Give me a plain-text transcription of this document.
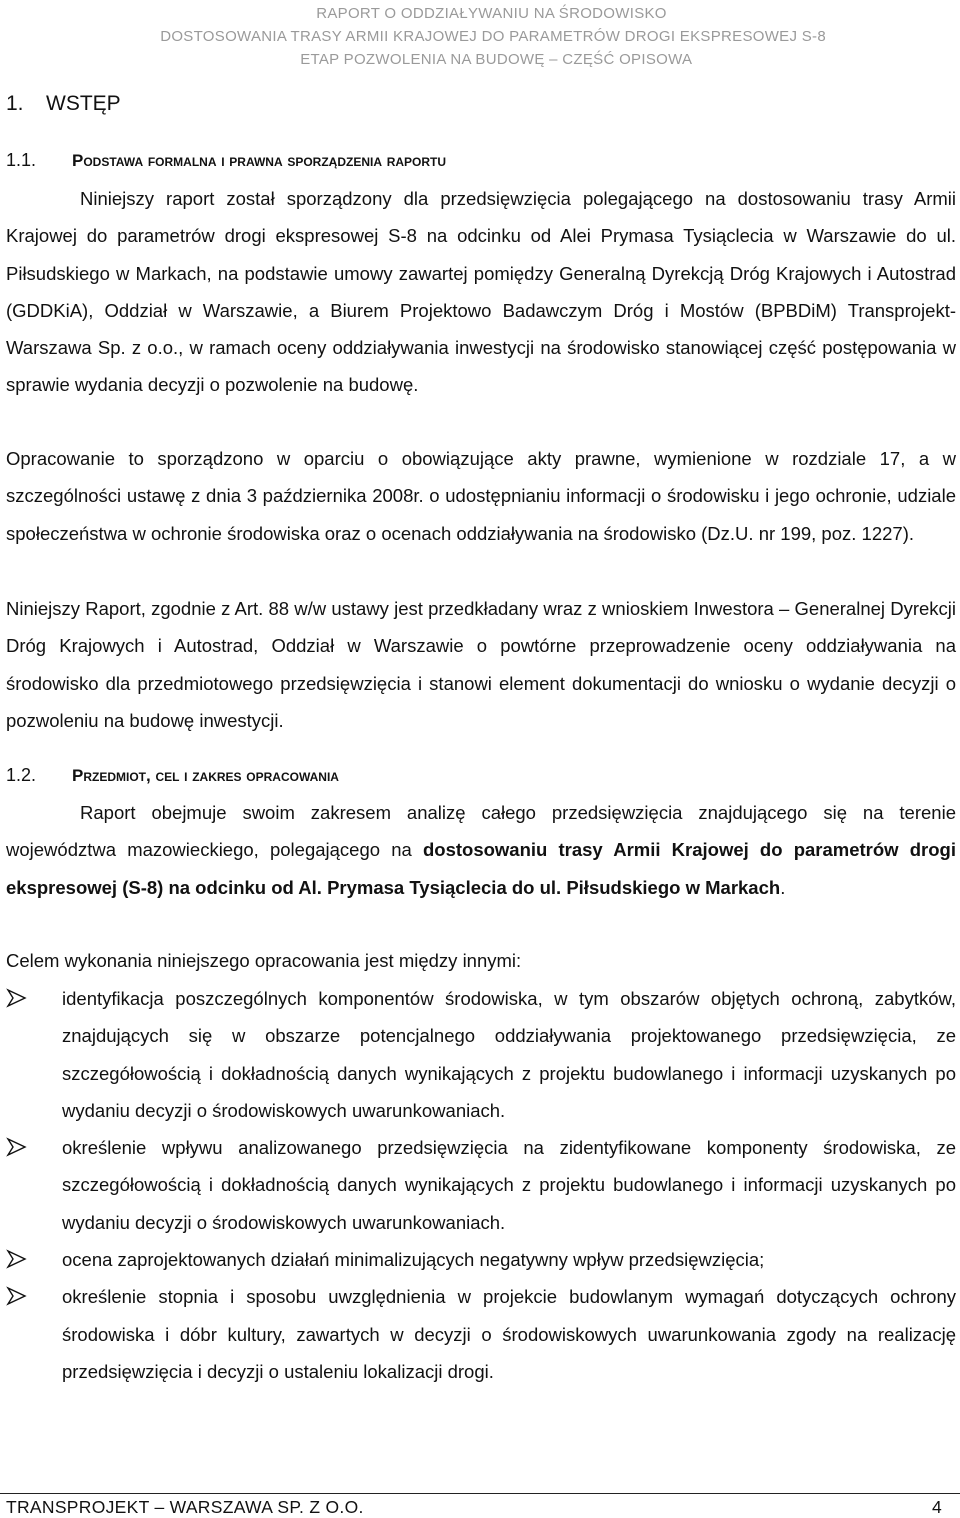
RAPORT O ODDZIAŁYWANIU NA ŚRODOWISKO
DOSTOSOWANIA TRASY ARMII KRAJOWEJ DO PARAMETRÓW DROGI EKSPRESOWEJ S-8
ETAP POZWOLENIA NA BUDOWĘ – CZĘŚĆ OPISOWA
1. WSTĘP
1.1. Podstawa formalna i prawna sporządzenia raportu

Niniejszy raport został sporządzony dla przedsięwzięcia polegającego na dostosowaniu trasy Armii Krajowej do parametrów drogi ekspresowej S-8 na odcinku od Alei Prymasa Tysiąclecia w Warszawie do ul. Piłsudskiego w Markach, na podstawie umowy zawartej pomiędzy Generalną Dyrekcją Dróg Krajowych i Autostrad (GDDKiA), Oddział w Warszawie, a Biurem Projektowo Badawczym Dróg i Mostów (BPBDiM) Transprojekt-Warszawa Sp. z o.o., w ramach oceny oddziaływania inwestycji na środowisko stanowiącej część postępowania w sprawie wydania decyzji o pozwolenie na budowę.

Opracowanie to sporządzono w oparciu o obowiązujące akty prawne, wymienione w rozdziale 17, a w szczególności ustawę z dnia 3 października 2008r. o udostępnianiu informacji o środowisku i jego ochronie, udziale społeczeństwa w ochronie środowiska oraz o ocenach oddziaływania na środowisko (Dz.U. nr 199, poz. 1227).

Niniejszy Raport, zgodnie z Art. 88 w/w ustawy jest przedkładany wraz z wnioskiem Inwestora – Generalnej Dyrekcji Dróg Krajowych i Autostrad, Oddział w Warszawie o powtórne przeprowadzenie oceny oddziaływania na środowisko dla przedmiotowego przedsięwzięcia i stanowi element dokumentacji do wniosku o wydanie decyzji o pozwoleniu na budowę inwestycji.

1.2. Przedmiot, cel i zakres opracowania

Raport obejmuje swoim zakresem analizę całego przedsięwzięcia znajdującego się na terenie województwa mazowieckiego, polegającego na dostosowaniu trasy Armii Krajowej do parametrów drogi ekspresowej (S-8) na odcinku od Al. Prymasa Tysiąclecia do ul. Piłsudskiego w Markach.

Celem wykonania niniejszego opracowania jest między innymi:

identyfikacja poszczególnych komponentów środowiska, w tym obszarów objętych ochroną, zabytków, znajdujących się w obszarze potencjalnego oddziaływania projektowanego przedsięwzięcia, ze szczegółowością i dokładnością danych wynikających z projektu budowlanego i informacji uzyskanych po wydaniu decyzji o środowiskowych uwarunkowaniach.
określenie wpływu analizowanego przedsięwzięcia na zidentyfikowane komponenty środowiska, ze szczegółowością i dokładnością danych wynikających z projektu budowlanego i informacji uzyskanych po wydaniu decyzji o środowiskowych uwarunkowaniach.
ocena zaprojektowanych działań minimalizujących negatywny wpływ przedsięwzięcia;
określenie stopnia i sposobu uwzględnienia w projekcie budowlanym wymagań dotyczących ochrony środowiska i dóbr kultury, zawartych w decyzji o środowiskowych uwarunkowania zgody na realizację przedsięwzięcia i decyzji o ustaleniu lokalizacji drogi.
TRANSPROJEKT – WARSZAWA SP. Z O.O.	4
